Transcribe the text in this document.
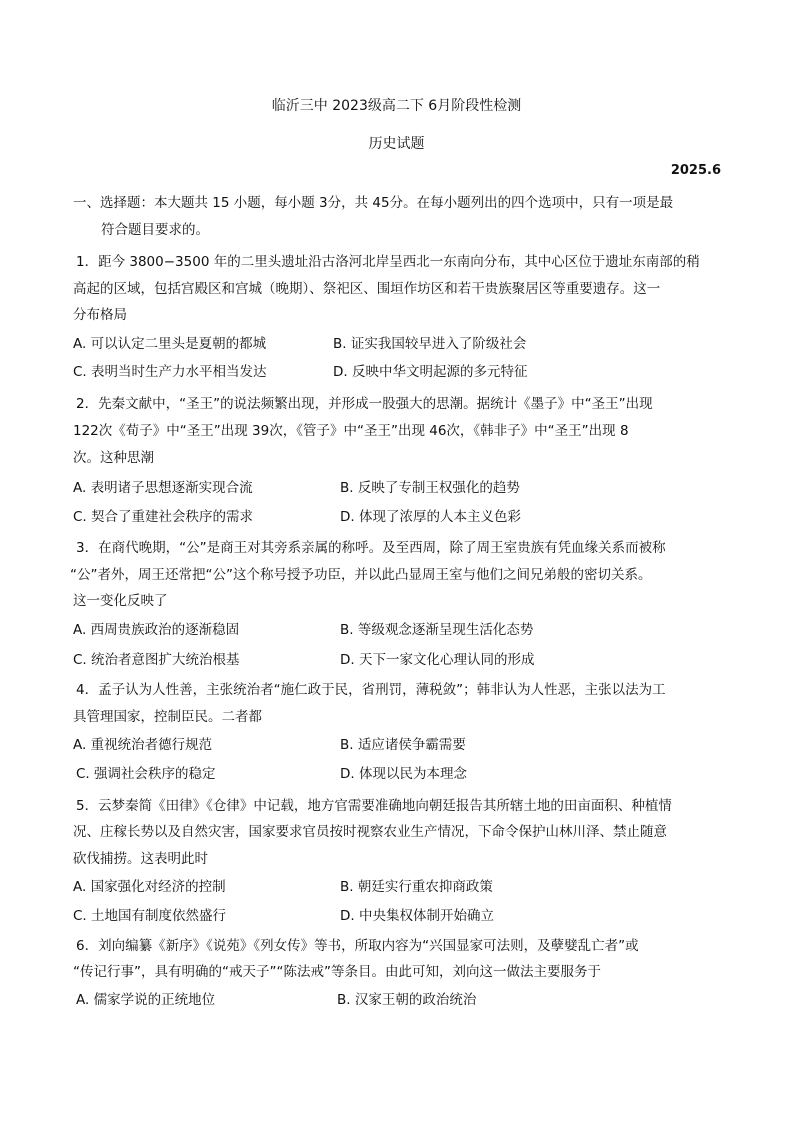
临沂三中 2023级高二下 6月阶段性检测
历史试题
2025.6
一、选择题：本大题共 15 小题，每小题 3分，共 45分。在每小题列出的四个选项中，只有一项是最
符合题目要求的。
1．距今 3800−3500 年的二里头遗址沿古洛河北岸呈西北一东南向分布，其中心区位于遗址东南部的稍
高起的区域，包括宫殿区和宫城（晚期）、祭祀区、围垣作坊区和若干贵族聚居区等重要遗存。这一
分布格局
A. 可以认定二里头是夏朝的都城	B. 证实我国较早进入了阶级社会
C. 表明当时生产力水平相当发达	D. 反映中华文明起源的多元特征
2．先秦文献中，“圣王”的说法频繁出现，并形成一股强大的思潮。据统计《墨子》中“圣王”出现
122次《荀子》中“圣王”出现 39次，《管子》中“圣王”出现 46次，《韩非子》中“圣王”出现 8
次。这种思潮
A. 表明诸子思想逐渐实现合流	B. 反映了专制王权强化的趋势
C. 契合了重建社会秩序的需求	D. 体现了浓厚的人本主义色彩
3．在商代晚期，“公”是商王对其旁系亲属的称呼。及至西周，除了周王室贵族有凭血缘关系而被称
“公”者外，周王还常把“公”这个称号授予功臣，并以此凸显周王室与他们之间兄弟般的密切关系。
这一变化反映了
A. 西周贵族政治的逐渐稳固	B. 等级观念逐渐呈现生活化态势
C. 统治者意图扩大统治根基	D. 天下一家文化心理认同的形成
4．孟子认为人性善，主张统治者“施仁政于民，省刑罚，薄税敛”；韩非认为人性恶，主张以法为工
具管理国家，控制臣民。二者都
A. 重视统治者德行规范	B. 适应诸侯争霸需要
C. 强调社会秩序的稳定	D. 体现以民为本理念
5．云梦秦简《田律》《仓律》中记载，地方官需要准确地向朝廷报告其所辖土地的田亩面积、种植情
况、庄稼长势以及自然灾害，国家要求官员按时视察农业生产情况，下命令保护山林川泽、禁止随意
砍伐捕捞。这表明此时
A. 国家强化对经济的控制	B. 朝廷实行重农抑商政策
C. 土地国有制度依然盛行	D. 中央集权体制开始确立
6．刘向编纂《新序》《说苑》《列女传》等书，所取内容为“兴国显家可法则，及孽嬖乱亡者”或
“传记行事”，具有明确的“戒天子”“陈法戒”等条目。由此可知，刘向这一做法主要服务于
A. 儒家学说的正统地位	B. 汉家王朝的政治统治
